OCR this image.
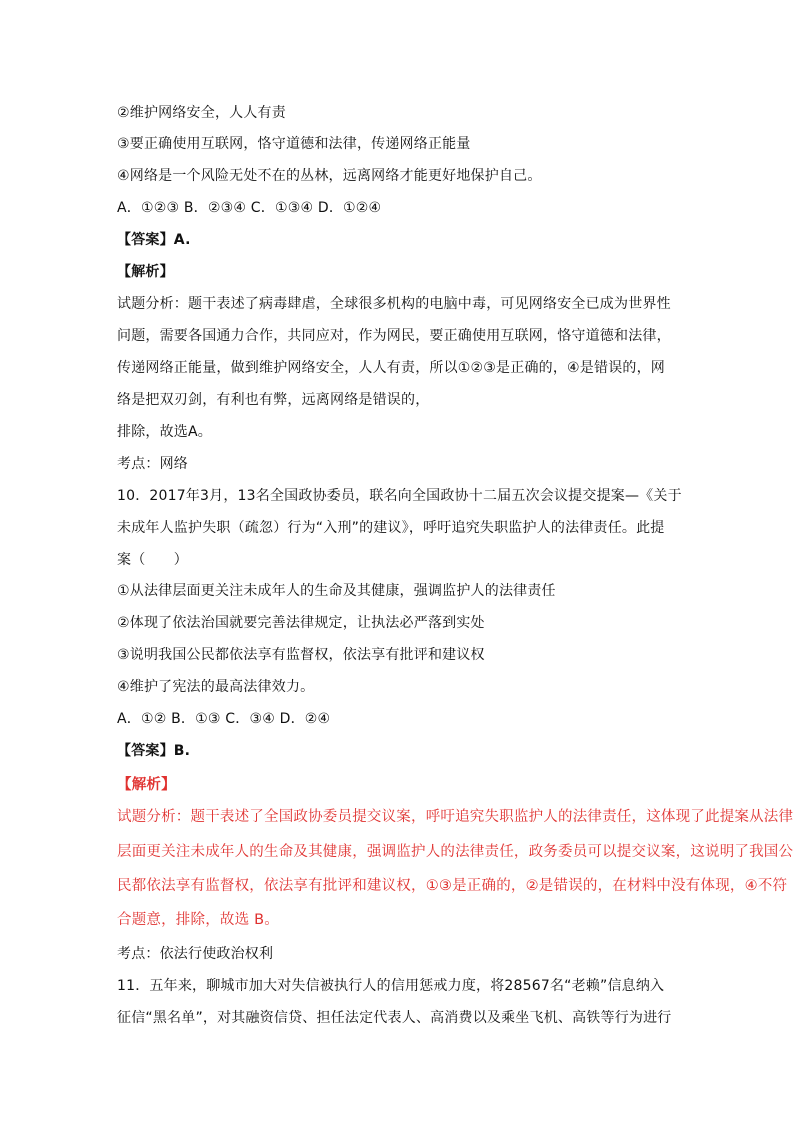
②维护网络安全，人人有责
③要正确使用互联网，恪守道德和法律，传递网络正能量
④网络是一个风险无处不在的丛林，远离网络才能更好地保护自己。
A．①②③ B．②③④ C．①③④ D．①②④
【答案】A.
【解析】
试题分析：题干表述了病毒肆虐，全球很多机构的电脑中毒，可见网络安全已成为世界性
问题，需要各国通力合作，共同应对，作为网民，要正确使用互联网，恪守道德和法律，
传递网络正能量，做到维护网络安全，人人有责，所以①②③是正确的，④是错误的，网
络是把双刃剑，有利也有弊，远离网络是错误的，
排除，故选A。
考点：网络
10．2017年3月，13名全国政协委员，联名向全国政协十二届五次会议提交提案—《关于
未成年人监护失职（疏忽）行为“入刑”的建议》，呼吁追究失职监护人的法律责任。此提
案（　　）
①从法律层面更关注未成年人的生命及其健康，强调监护人的法律责任
②体现了依法治国就要完善法律规定，让执法必严落到实处
③说明我国公民都依法享有监督权，依法享有批评和建议权
④维护了宪法的最高法律效力。
A．①② B．①③ C．③④ D．②④
【答案】B.
【解析】
试题分析：题干表述了全国政协委员提交议案，呼吁追究失职监护人的法律责任，这体现了此提案从法律
层面更关注未成年人的生命及其健康，强调监护人的法律责任，政务委员可以提交议案，这说明了我国公
民都依法享有监督权，依法享有批评和建议权，①③是正确的，②是错误的，在材料中没有体现，④不符
合题意，排除，故选 B。
考点：依法行使政治权利
11．五年来，聊城市加大对失信被执行人的信用惩戒力度，将28567名“老赖”信息纳入
征信“黑名单”，对其融资信贷、担任法定代表人、高消费以及乘坐飞机、高铁等行为进行
